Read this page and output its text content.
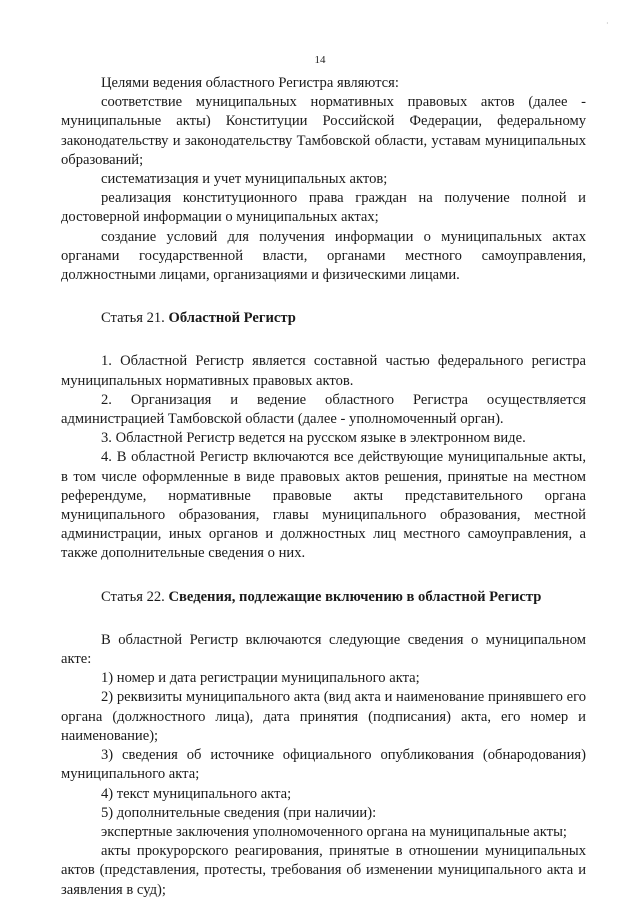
·
14

Целями ведения областного Регистра являются:

соответствие муниципальных нормативных правовых актов (далее - муниципальные акты) Конституции Российской Федерации, федеральному законодательству и законодательству Тамбовской области, уставам муниципальных образований;

систематизация и учет муниципальных актов;

реализация конституционного права граждан на получение полной и достоверной информации о муниципальных актах;

создание условий для получения информации о муниципальных актах органами государственной власти, органами местного самоуправления, должностными лицами, организациями и физическими лицами.

Статья 21. Областной Регистр

1. Областной Регистр является составной частью федерального регистра муниципальных нормативных правовых актов.

2. Организация и ведение областного Регистра осуществляется администрацией Тамбовской области (далее - уполномоченный орган).

3. Областной Регистр ведется на русском языке в электронном виде.

4. В областной Регистр включаются все действующие муниципальные акты, в том числе оформленные в виде правовых актов решения, принятые на местном референдуме, нормативные правовые акты представительного органа муниципального образования, главы муниципального образования, местной администрации, иных органов и должностных лиц местного самоуправления, а также дополнительные сведения о них.

Статья 22. Сведения, подлежащие включению в областной Регистр

В областной Регистр включаются следующие сведения о муниципальном акте:

1) номер и дата регистрации муниципального акта;

2) реквизиты муниципального акта (вид акта и наименование принявшего его органа (должностного лица), дата принятия (подписания) акта, его номер и наименование);

3) сведения об источнике официального опубликования (обнародования) муниципального акта;

4) текст муниципального акта;

5) дополнительные сведения (при наличии):

экспертные заключения уполномоченного органа на муниципальные акты;

акты прокурорского реагирования, принятые в отношении муниципальных актов (представления, протесты, требования об изменении муниципального акта и заявления в суд);
